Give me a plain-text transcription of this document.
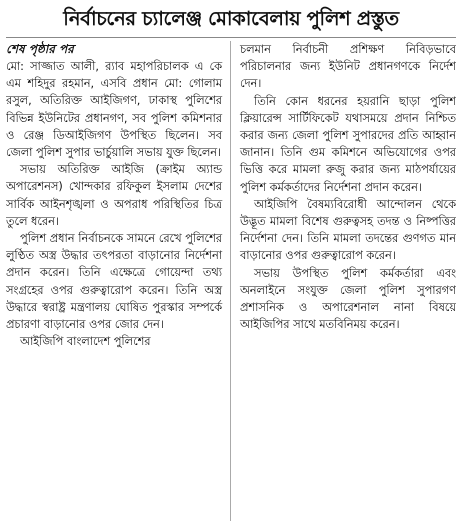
নির্বাচনের চ্যালেঞ্জ মোকাবেলায় পুলিশ প্রস্তুত
শেষ পৃষ্ঠার পর

মো: সাজ্জাত আলী, র‌্যাব মহাপরিচালক এ কে এম শহিদুর রহমান, এসবি প্রধান মো: গোলাম রসুল, অতিরিক্ত আইজিগণ, ঢাকাস্থ পুলিশের বিভিন্ন ইউনিটের প্রধানগণ, সব পুলিশ কমিশনার ও রেঞ্জ ডিআইজিগণ উপস্থিত ছিলেন। সব জেলা পুলিশ সুপার ভার্চুয়ালি সভায় যুক্ত ছিলেন।

সভায় অতিরিক্ত আইজি (ক্রাইম অ্যান্ড অপারেশনস) খোন্দকার রফিকুল ইসলাম দেশের সার্বিক আইনশৃঙ্খলা ও অপরাধ পরিস্থিতির চিত্র তুলে ধরেন।

পুলিশ প্রধান নির্বাচনকে সামনে রেখে পুলিশের লুণ্ঠিত অস্ত্র উদ্ধার তৎপরতা বাড়ানোর নির্দেশনা প্রদান করেন। তিনি এক্ষেত্রে গোয়েন্দা তথ্য সংগ্রহের ওপর গুরুত্বারোপ করেন। তিনি অস্ত্র উদ্ধারে স্বরাষ্ট্র মন্ত্রণালয় ঘোষিত পুরস্কার সম্পর্কে প্রচারণা বাড়ানোর ওপর জোর দেন।

আইজিপি বাংলাদেশ পুলিশের

চলমান নির্বাচনী প্রশিক্ষণ নিবিড়ভাবে পরিচালনার জন্য ইউনিট প্রধানগণকে নির্দেশ দেন।

তিনি কোন ধরনের হয়রানি ছাড়া পুলিশ ক্লিয়ারেন্স সার্টিফিকেট যথাসময়ে প্রদান নিশ্চিত করার জন্য জেলা পুলিশ সুপারদের প্রতি আহ্বান জানান। তিনি গুম কমিশনে অভিযোগের ওপর ভিত্তি করে মামলা রুজু করার জন্য মাঠপর্যায়ের পুলিশ কর্মকর্তাদের নির্দেশনা প্রদান করেন।

আইজিপি বৈষম্যবিরোধী আন্দোলন থেকে উদ্ভূত মামলা বিশেষ গুরুত্বসহ তদন্ত ও নিষ্পত্তির নির্দেশনা দেন। তিনি মামলা তদন্তের গুণগত মান বাড়ানোর ওপর গুরুত্বারোপ করেন।

সভায় উপস্থিত পুলিশ কর্মকর্তারা এবং অনলাইনে সংযুক্ত জেলা পুলিশ সুপারগণ প্রশাসনিক ও অপারেশনাল নানা বিষয়ে আইজিপির সাথে মতবিনিময় করেন।
